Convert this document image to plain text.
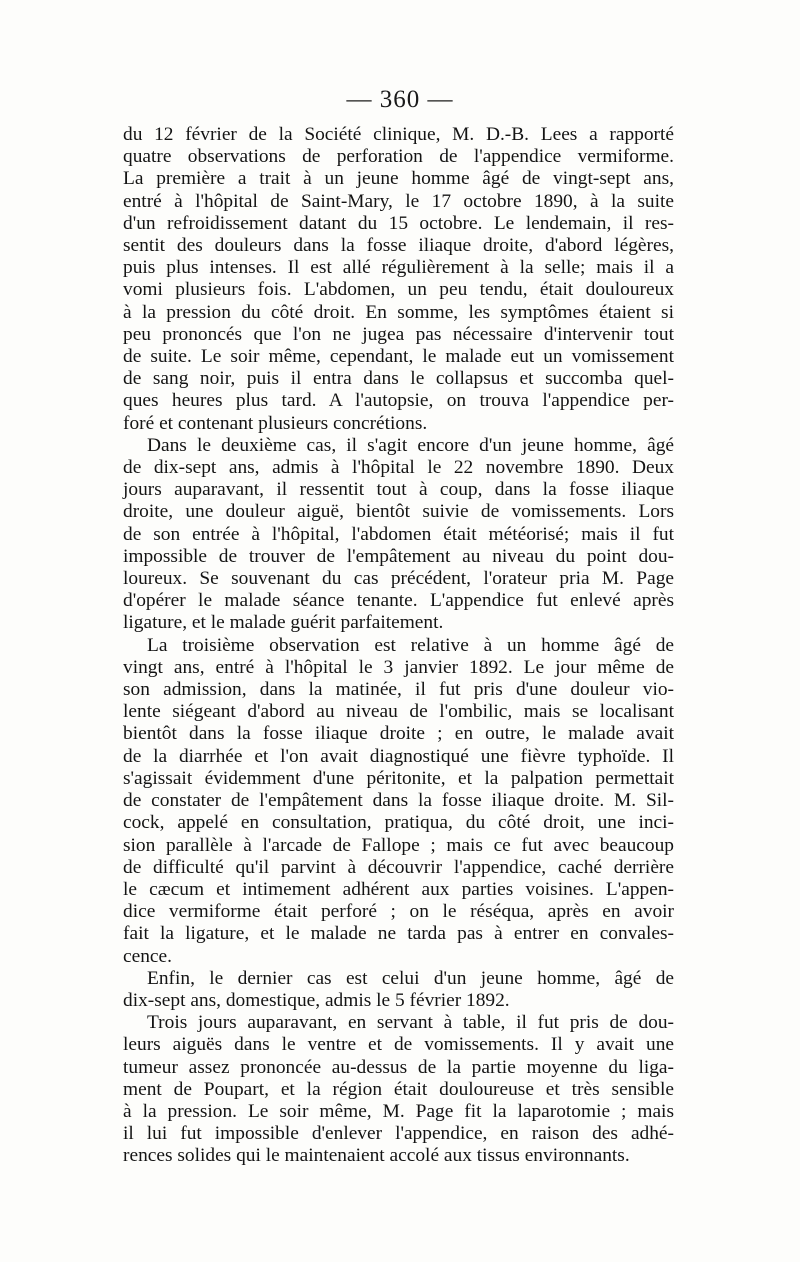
— 360 —
du 12 février de la Société clinique, M. D.-B. Lees a rapporté
quatre observations de perforation de l'appendice vermiforme.
La première a trait à un jeune homme âgé de vingt-sept ans,
entré à l'hôpital de Saint-Mary, le 17 octobre 1890, à la suite
d'un refroidissement datant du 15 octobre. Le lendemain, il res-
sentit des douleurs dans la fosse iliaque droite, d'abord légères,
puis plus intenses. Il est allé régulièrement à la selle; mais il a
vomi plusieurs fois. L'abdomen, un peu tendu, était douloureux
à la pression du côté droit. En somme, les symptômes étaient si
peu prononcés que l'on ne jugea pas nécessaire d'intervenir tout
de suite. Le soir même, cependant, le malade eut un vomissement
de sang noir, puis il entra dans le collapsus et succomba quel-
ques heures plus tard. A l'autopsie, on trouva l'appendice per-
foré et contenant plusieurs concrétions.
Dans le deuxième cas, il s'agit encore d'un jeune homme, âgé
de dix-sept ans, admis à l'hôpital le 22 novembre 1890. Deux
jours auparavant, il ressentit tout à coup, dans la fosse iliaque
droite, une douleur aiguë, bientôt suivie de vomissements. Lors
de son entrée à l'hôpital, l'abdomen était météorisé; mais il fut
impossible de trouver de l'empâtement au niveau du point dou-
loureux. Se souvenant du cas précédent, l'orateur pria M. Page
d'opérer le malade séance tenante. L'appendice fut enlevé après
ligature, et le malade guérit parfaitement.
La troisième observation est relative à un homme âgé de
vingt ans, entré à l'hôpital le 3 janvier 1892. Le jour même de
son admission, dans la matinée, il fut pris d'une douleur vio-
lente siégeant d'abord au niveau de l'ombilic, mais se localisant
bientôt dans la fosse iliaque droite ; en outre, le malade avait
de la diarrhée et l'on avait diagnostiqué une fièvre typhoïde. Il
s'agissait évidemment d'une péritonite, et la palpation permettait
de constater de l'empâtement dans la fosse iliaque droite. M. Sil-
cock, appelé en consultation, pratiqua, du côté droit, une inci-
sion parallèle à l'arcade de Fallope ; mais ce fut avec beaucoup
de difficulté qu'il parvint à découvrir l'appendice, caché derrière
le cæcum et intimement adhérent aux parties voisines. L'appen-
dice vermiforme était perforé ; on le réséqua, après en avoir
fait la ligature, et le malade ne tarda pas à entrer en convales-
cence.
Enfin, le dernier cas est celui d'un jeune homme, âgé de
dix-sept ans, domestique, admis le 5 février 1892.
Trois jours auparavant, en servant à table, il fut pris de dou-
leurs aiguës dans le ventre et de vomissements. Il y avait une
tumeur assez prononcée au-dessus de la partie moyenne du liga-
ment de Poupart, et la région était douloureuse et très sensible
à la pression. Le soir même, M. Page fit la laparotomie ; mais
il lui fut impossible d'enlever l'appendice, en raison des adhé-
rences solides qui le maintenaient accolé aux tissus environnants.
